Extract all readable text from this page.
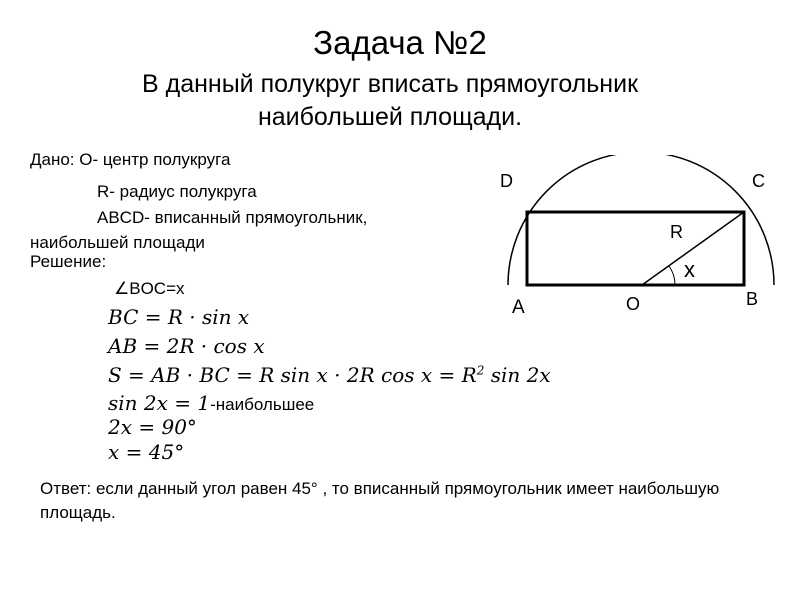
Задача №2
В данный полукруг вписать прямоугольник наибольшей площади.
Дано: О- центр полукруга
R- радиус полукруга
ABCD- вписанный прямоугольник,
наибольшей площади
Решение:
∠BOC=x
BC = R · sin x
AB = 2R · cos x
S = AB · BC = R sin x · 2R $\cos x = R^2$ sin 2x
sin 2x = 1-наибольшее
2x = 90°
x = 45°
D	C
R
x
A	O	B
Ответ: если данный угол равен 45° , то вписанный прямоугольник имеет наибольшую площадь.
